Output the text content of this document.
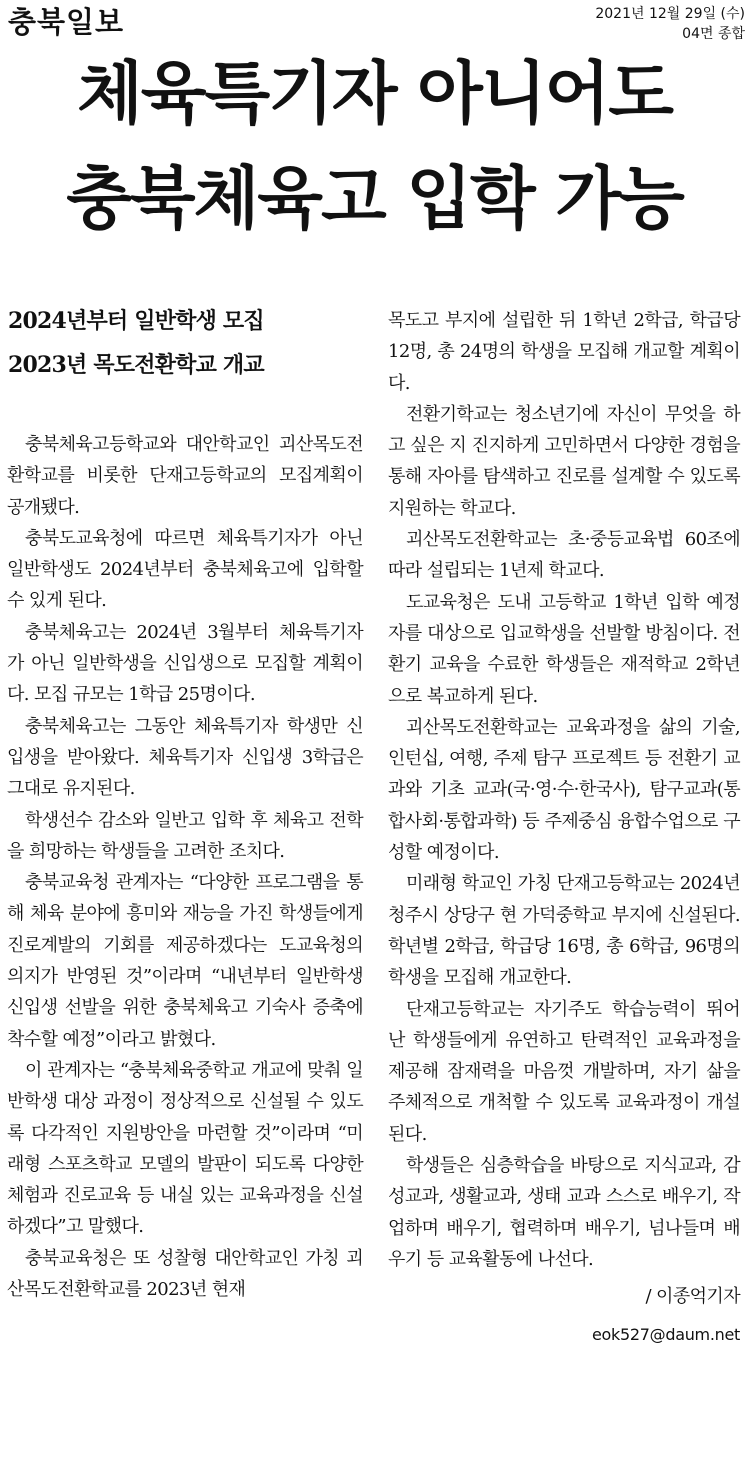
충북일보	2021년 12월 29일 (수)
04면 종합
체육특기자 아니어도
충북체육고 입학 가능
2024년부터 일반학생 모집
2023년 목도전환학교 개교

충북체육고등학교와 대안학교인 괴산목도전환학교를 비롯한 단재고등학교의 모집계획이 공개됐다.

충북도교육청에 따르면 체육특기자가 아닌 일반학생도 2024년부터 충북체육고에 입학할 수 있게 된다.

충북체육고는 2024년 3월부터 체육특기자가 아닌 일반학생을 신입생으로 모집할 계획이다. 모집 규모는 1학급 25명이다.

충북체육고는 그동안 체육특기자 학생만 신입생을 받아왔다. 체육특기자 신입생 3학급은 그대로 유지된다.

학생선수 감소와 일반고 입학 후 체육고 전학을 희망하는 학생들을 고려한 조치다.

충북교육청 관계자는 “다양한 프로그램을 통해 체육 분야에 흥미와 재능을 가진 학생들에게 진로계발의 기회를 제공하겠다는 도교육청의 의지가 반영된 것”이라며 “내년부터 일반학생 신입생 선발을 위한 충북체육고 기숙사 증축에 착수할 예정”이라고 밝혔다.

이 관계자는 “충북체육중학교 개교에 맞춰 일반학생 대상 과정이 정상적으로 신설될 수 있도록 다각적인 지원방안을 마련할 것”이라며 “미래형 스포츠학교 모델의 발판이 되도록 다양한 체험과 진로교육 등 내실 있는 교육과정을 신설하겠다”고 말했다.

충북교육청은 또 성찰형 대안학교인 가칭 괴산목도전환학교를 2023년 현재

목도고 부지에 설립한 뒤 1학년 2학급, 학급당 12명, 총 24명의 학생을 모집해 개교할 계획이다.

전환기학교는 청소년기에 자신이 무엇을 하고 싶은 지 진지하게 고민하면서 다양한 경험을 통해 자아를 탐색하고 진로를 설계할 수 있도록 지원하는 학교다.

괴산목도전환학교는 초·중등교육법 60조에 따라 설립되는 1년제 학교다.

도교육청은 도내 고등학교 1학년 입학 예정자를 대상으로 입교학생을 선발할 방침이다. 전환기 교육을 수료한 학생들은 재적학교 2학년으로 복교하게 된다.

괴산목도전환학교는 교육과정을 삶의 기술, 인턴십, 여행, 주제 탐구 프로젝트 등 전환기 교과와 기초 교과(국·영·수·한국사), 탐구교과(통합사회·통합과학) 등 주제중심 융합수업으로 구성할 예정이다.

미래형 학교인 가칭 단재고등학교는 2024년 청주시 상당구 현 가덕중학교 부지에 신설된다. 학년별 2학급, 학급당 16명, 총 6학급, 96명의 학생을 모집해 개교한다.

단재고등학교는 자기주도 학습능력이 뛰어난 학생들에게 유연하고 탄력적인 교육과정을 제공해 잠재력을 마음껏 개발하며, 자기 삶을 주체적으로 개척할 수 있도록 교육과정이 개설된다.

학생들은 심층학습을 바탕으로 지식교과, 감성교과, 생활교과, 생태 교과 스스로 배우기, 작업하며 배우기, 협력하며 배우기, 넘나들며 배우기 등 교육활동에 나선다.

/ 이종억기자
eok527@daum.net
